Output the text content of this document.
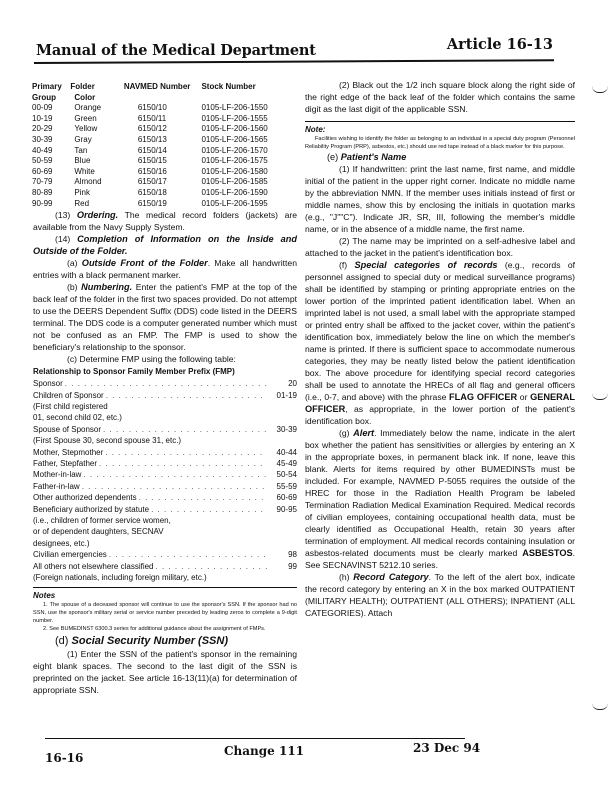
Manual of the Medical Department	Article 16-13
Primary	Folder	NAVMED Number	Stock Number
Group	Color		
00-09	Orange	6150/10	0105-LF-206-1550
10-19	Green	6150/11	0105-LF-206-1555
20-29	Yellow	6150/12	0105-LF-206-1560
30-39	Gray	6150/13	0105-LF-206-1565
40-49	Tan	6150/14	0105-LF-206-1570
50-59	Blue	6150/15	0105-LF-206-1575
60-69	White	6150/16	0105-LF-206-1580
70-79	Almond	6150/17	0105-LF-206-1585
80-89	Pink	6150/18	0105-LF-206-1590
90-99	Red	6150/19	0105-LF-206-1595

(13) Ordering. The medical record folders (jackets) are available from the Navy Supply System.

(14) Completion of Information on the Inside and Outside of the Folder.

(a) Outside Front of the Folder. Make all handwritten entries with a black permanent marker.

(b) Numbering. Enter the patient's FMP at the top of the back leaf of the folder in the first two spaces provided. Do not attempt to use the DEERS Dependent Suffix (DDS) code listed in the DEERS terminal. The DDS code is a computer generated number which must not be confused as an FMP. The FMP is used to show the beneficiary's relationship to the sponsor.

(c) Determine FMP using the following table:

Relationship to Sponsor Family Member Prefix (FMP)
Sponsor . . .	20
Children of Sponsor . . .	01-19
(First child registered
01, second child 02, etc.)
Spouse of Sponsor . . .	30-39
(First Spouse 30, second spouse 31, etc.)
Mother, Stepmother . . .	40-44
Father, Stepfather . . .	45-49
Mother-in-law . . .	50-54
Father-in-law . . .	55-59
Other authorized dependents . . .	60-69
Beneficiary authorized by statute . . .	90-95
(i.e., children of former service women,
or of dependent daughters, SECNAV
designees, etc.)
Civilian emergencies . . .	98
All others not elsewhere classified . . .	99
(Foreign nationals, including foreign military, etc.)
Notes
1. The spouse of a deceased sponsor will continue to use the sponsor's SSN. If the sponsor had no SSN, use the sponsor's military serial or service number preceded by leading zeros to complete a 9-digit number.
2. See BUMEDINST 6300.3 series for additional guidance about the assignment of FMPs.

(d) Social Security Number (SSN)

(1) Enter the SSN of the patient's sponsor in the remaining eight blank spaces. The second to the last digit of the SSN is preprinted on the jacket. See article 16-13(11)(a) for determination of appropriate SSN.

(2) Black out the 1/2 inch square block along the right side of the right edge of the back leaf of the folder which contains the same digit as the last digit of the applicable SSN.

Note:
Facilities wishing to identify the folder as belonging to an individual in a special duty program (Personnel Reliability Program (PRP), asbestos, etc.) should use red tape instead of a black marker for this purpose.

(e) Patient's Name

(1) If handwritten: print the last name, first name, and middle initial of the patient in the upper right corner. Indicate no middle name by the abbreviation NMN. If the member uses initials instead of first or middle names, show this by enclosing the initials in quotation marks (e.g., "J""C"). Indicate JR, SR, III, following the member's middle name, or in the absence of a middle name, the first name.

(2) The name may be imprinted on a self-adhesive label and attached to the jacket in the patient's identification box.

(f) Special categories of records (e.g., records of personnel assigned to special duty or medical surveillance programs) shall be identified by stamping or printing appropriate entries on the lower portion of the imprinted patient identification label. When an imprinted label is not used, a small label with the appropriate stamped or printed entry shall be affixed to the jacket cover, within the patient's identification box, immediately below the line on which the member's name is printed. If there is sufficient space to accommodate numerous categories, they may be neatly listed below the patient identification box. The above procedure for identifying special record categories shall be used to annotate the HRECs of all flag and general officers (i.e., 0-7, and above) with the phrase FLAG OFFICER or GENERAL OFFICER, as appropriate, in the lower portion of the patient's identification box.

(g) Alert. Immediately below the name, indicate in the alert box whether the patient has sensitivities or allergies by entering an X in the appropriate boxes, in permanent black ink. If none, leave this blank. Alerts for items required by other BUMEDINSTs must be included. For example, NAVMED P-5055 requires the outside of the HREC for those in the Radiation Health Program be labeled Termination Radiation Medical Examination Required. Medical records of civilian employees, containing occupational health data, must be clearly identified as Occupational Health, retain 30 years after termination of employment. All medical records containing insulation or asbestos-related documents must be clearly marked ASBESTOS. See SECNAVINST 5212.10 series.

(h) Record Category. To the left of the alert box, indicate the record category by entering an X in the box marked OUTPATIENT (MILITARY HEALTH); OUTPATIENT (ALL OTHERS); INPATIENT (ALL CATEGORIES). Attach

16-16	Change 111	23 Dec 94
